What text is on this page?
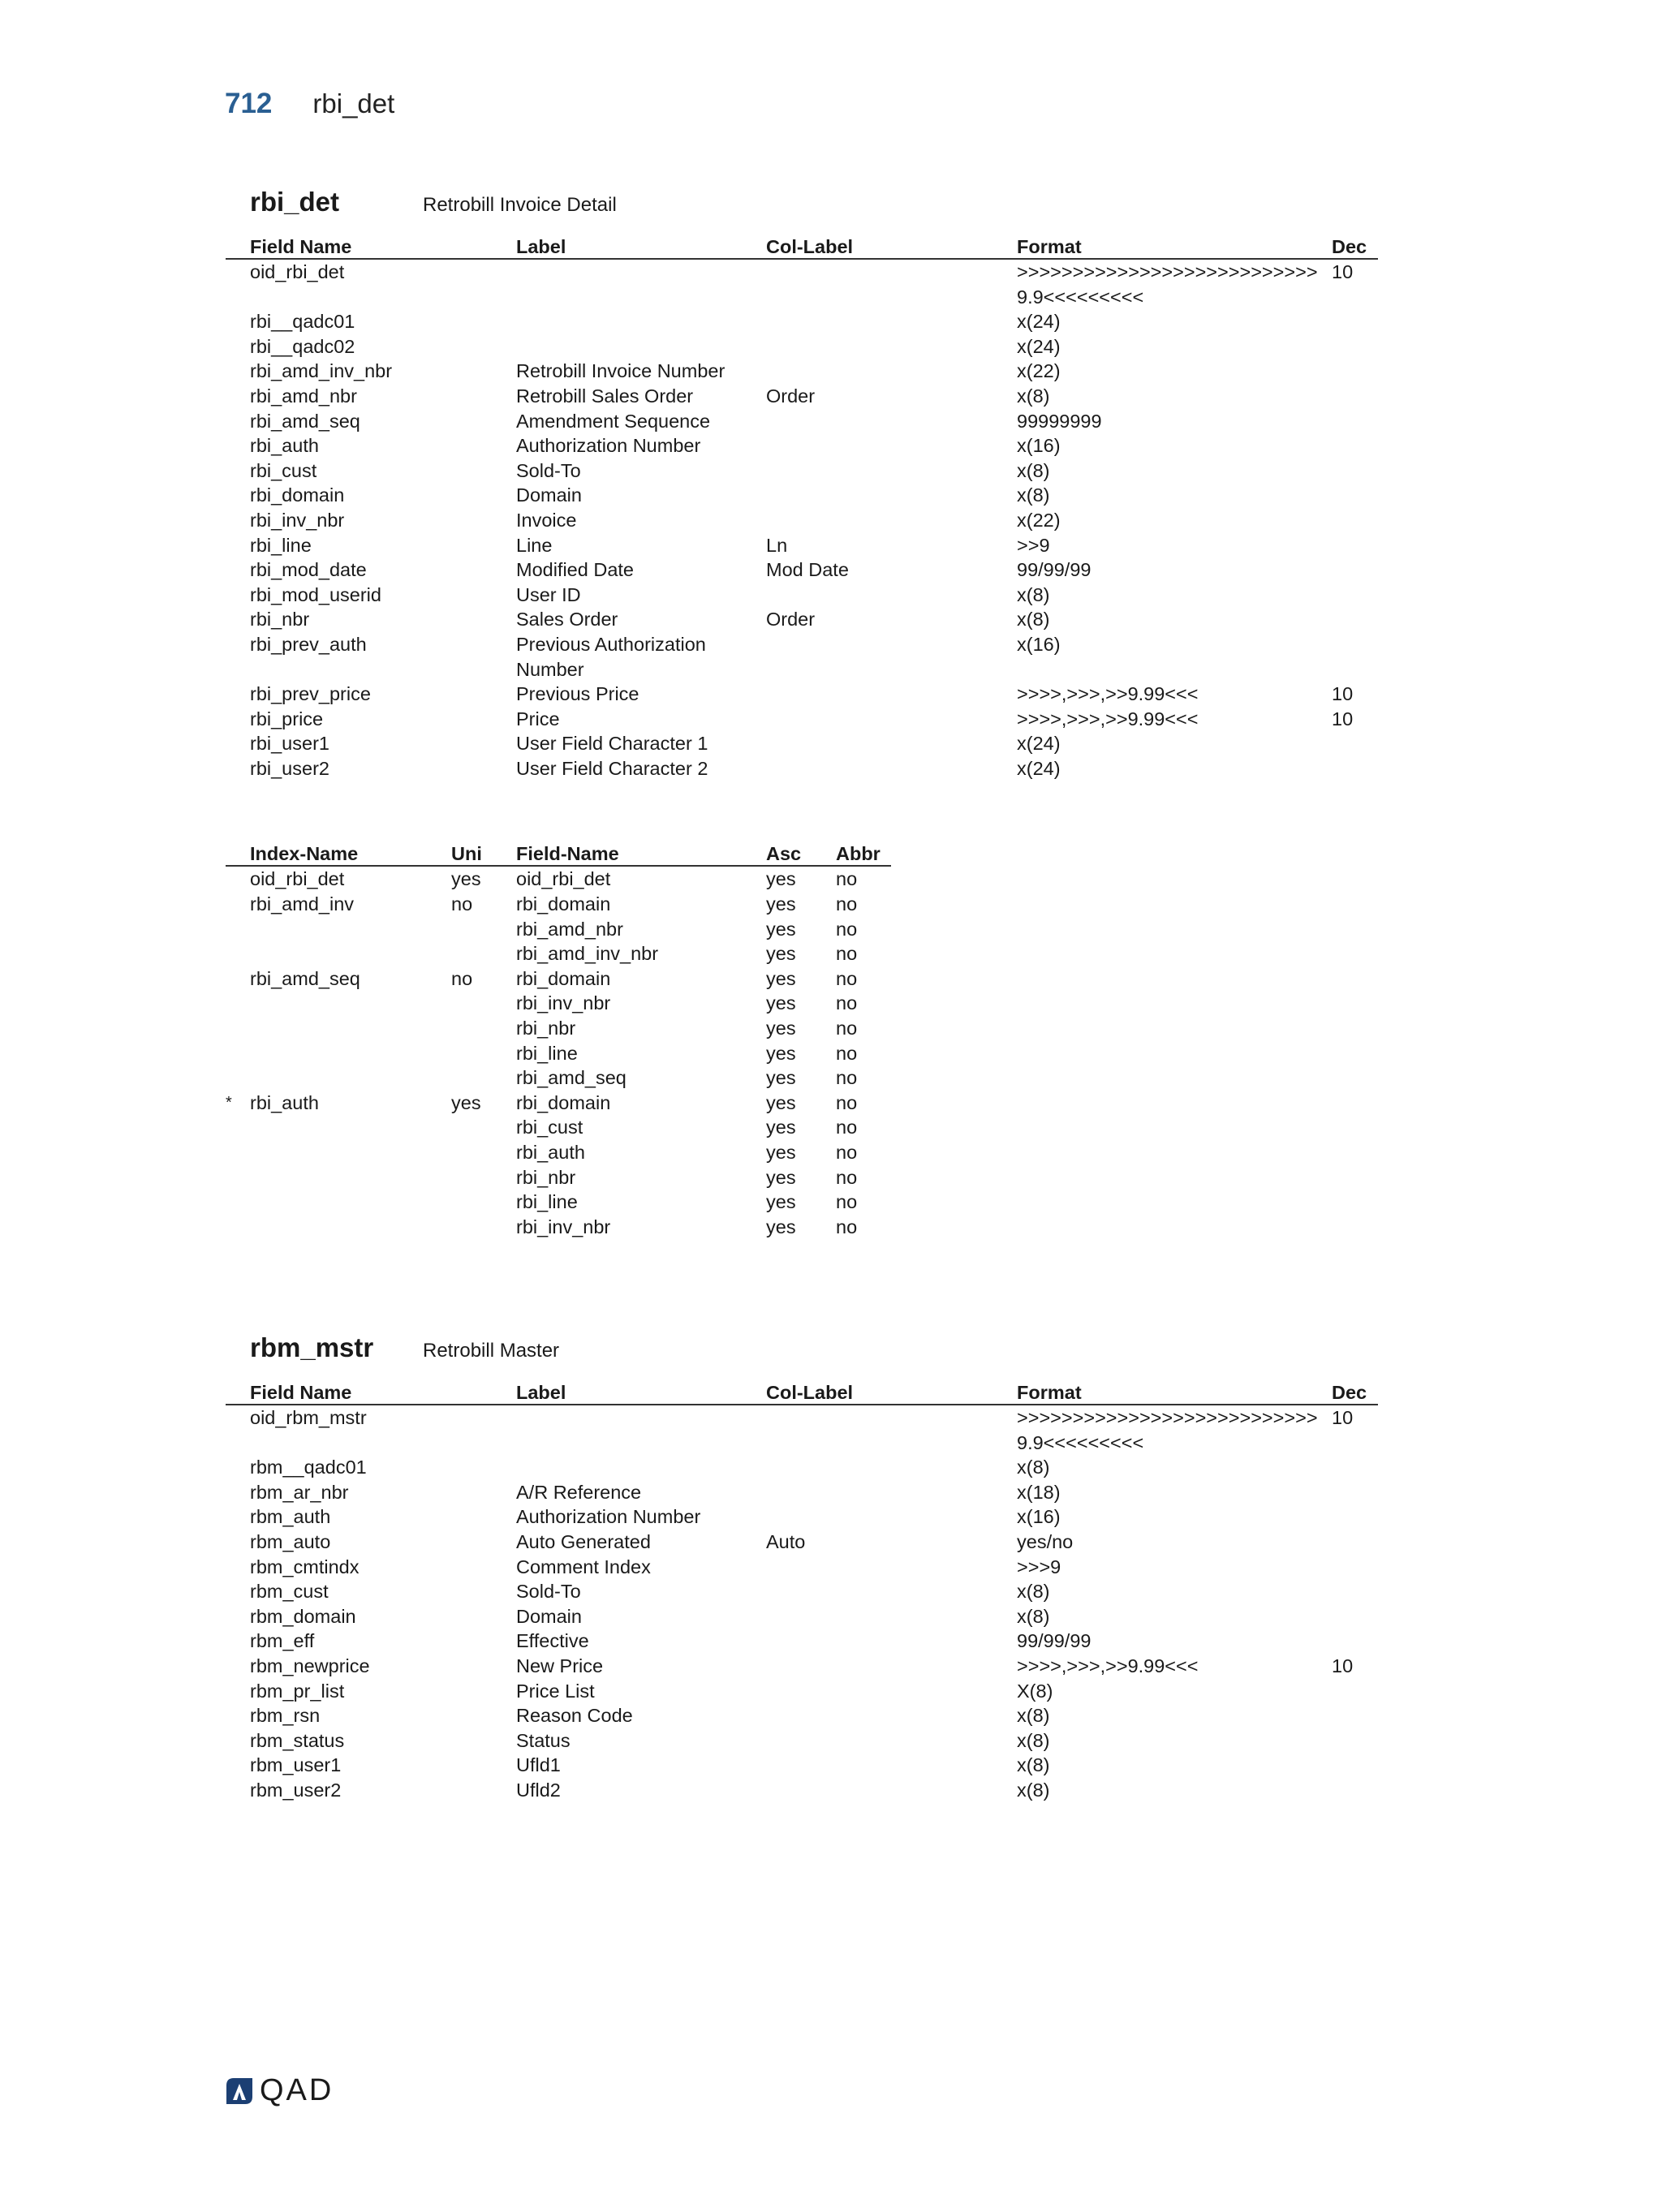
712 rbi_det
rbi_det	Retrobill Invoice Detail
	Field Name	Label	Col-Label	Format	Dec
	oid_rbi_det			>>>>>>>>>>>>>>>>>>>>>>>>>>>9.9<<<<<<<<<	10
	rbi__qadc01			x(24)	
	rbi__qadc02			x(24)	
	rbi_amd_inv_nbr	Retrobill Invoice Number		x(22)	
	rbi_amd_nbr	Retrobill Sales Order	Order	x(8)	
	rbi_amd_seq	Amendment Sequence		99999999	
	rbi_auth	Authorization Number		x(16)	
	rbi_cust	Sold-To		x(8)	
	rbi_domain	Domain		x(8)	
	rbi_inv_nbr	Invoice		x(22)	
	rbi_line	Line	Ln	>>9	
	rbi_mod_date	Modified Date	Mod Date	99/99/99	
	rbi_mod_userid	User ID		x(8)	
	rbi_nbr	Sales Order	Order	x(8)	
	rbi_prev_auth	Previous Authorization Number		x(16)	
	rbi_prev_price	Previous Price		>>>>,>>>,>>9.99<<<	10
	rbi_price	Price		>>>>,>>>,>>9.99<<<	10
	rbi_user1	User Field Character 1		x(24)	
	rbi_user2	User Field Character 2		x(24)	
	Index-Name	Uni	Field-Name	Asc	Abbr
	oid_rbi_det	yes	oid_rbi_det	yes	no
	rbi_amd_inv	no	rbi_domain	yes	no
			rbi_amd_nbr	yes	no
			rbi_amd_inv_nbr	yes	no
	rbi_amd_seq	no	rbi_domain	yes	no
			rbi_inv_nbr	yes	no
			rbi_nbr	yes	no
			rbi_line	yes	no
			rbi_amd_seq	yes	no
*	rbi_auth	yes	rbi_domain	yes	no
			rbi_cust	yes	no
			rbi_auth	yes	no
			rbi_nbr	yes	no
			rbi_line	yes	no
			rbi_inv_nbr	yes	no
rbm_mstr	Retrobill Master
	Field Name	Label	Col-Label	Format	Dec
	oid_rbm_mstr			>>>>>>>>>>>>>>>>>>>>>>>>>>>9.9<<<<<<<<<	10
	rbm__qadc01			x(8)	
	rbm_ar_nbr	A/R Reference		x(18)	
	rbm_auth	Authorization Number		x(16)	
	rbm_auto	Auto Generated	Auto	yes/no	
	rbm_cmtindx	Comment Index		>>>9	
	rbm_cust	Sold-To		x(8)	
	rbm_domain	Domain		x(8)	
	rbm_eff	Effective		99/99/99	
	rbm_newprice	New Price		>>>>,>>>,>>9.99<<<	10
	rbm_pr_list	Price List		X(8)	
	rbm_rsn	Reason Code		x(8)	
	rbm_status	Status		x(8)	
	rbm_user1	Ufld1		x(8)	
	rbm_user2	Ufld2		x(8)	
QAD
